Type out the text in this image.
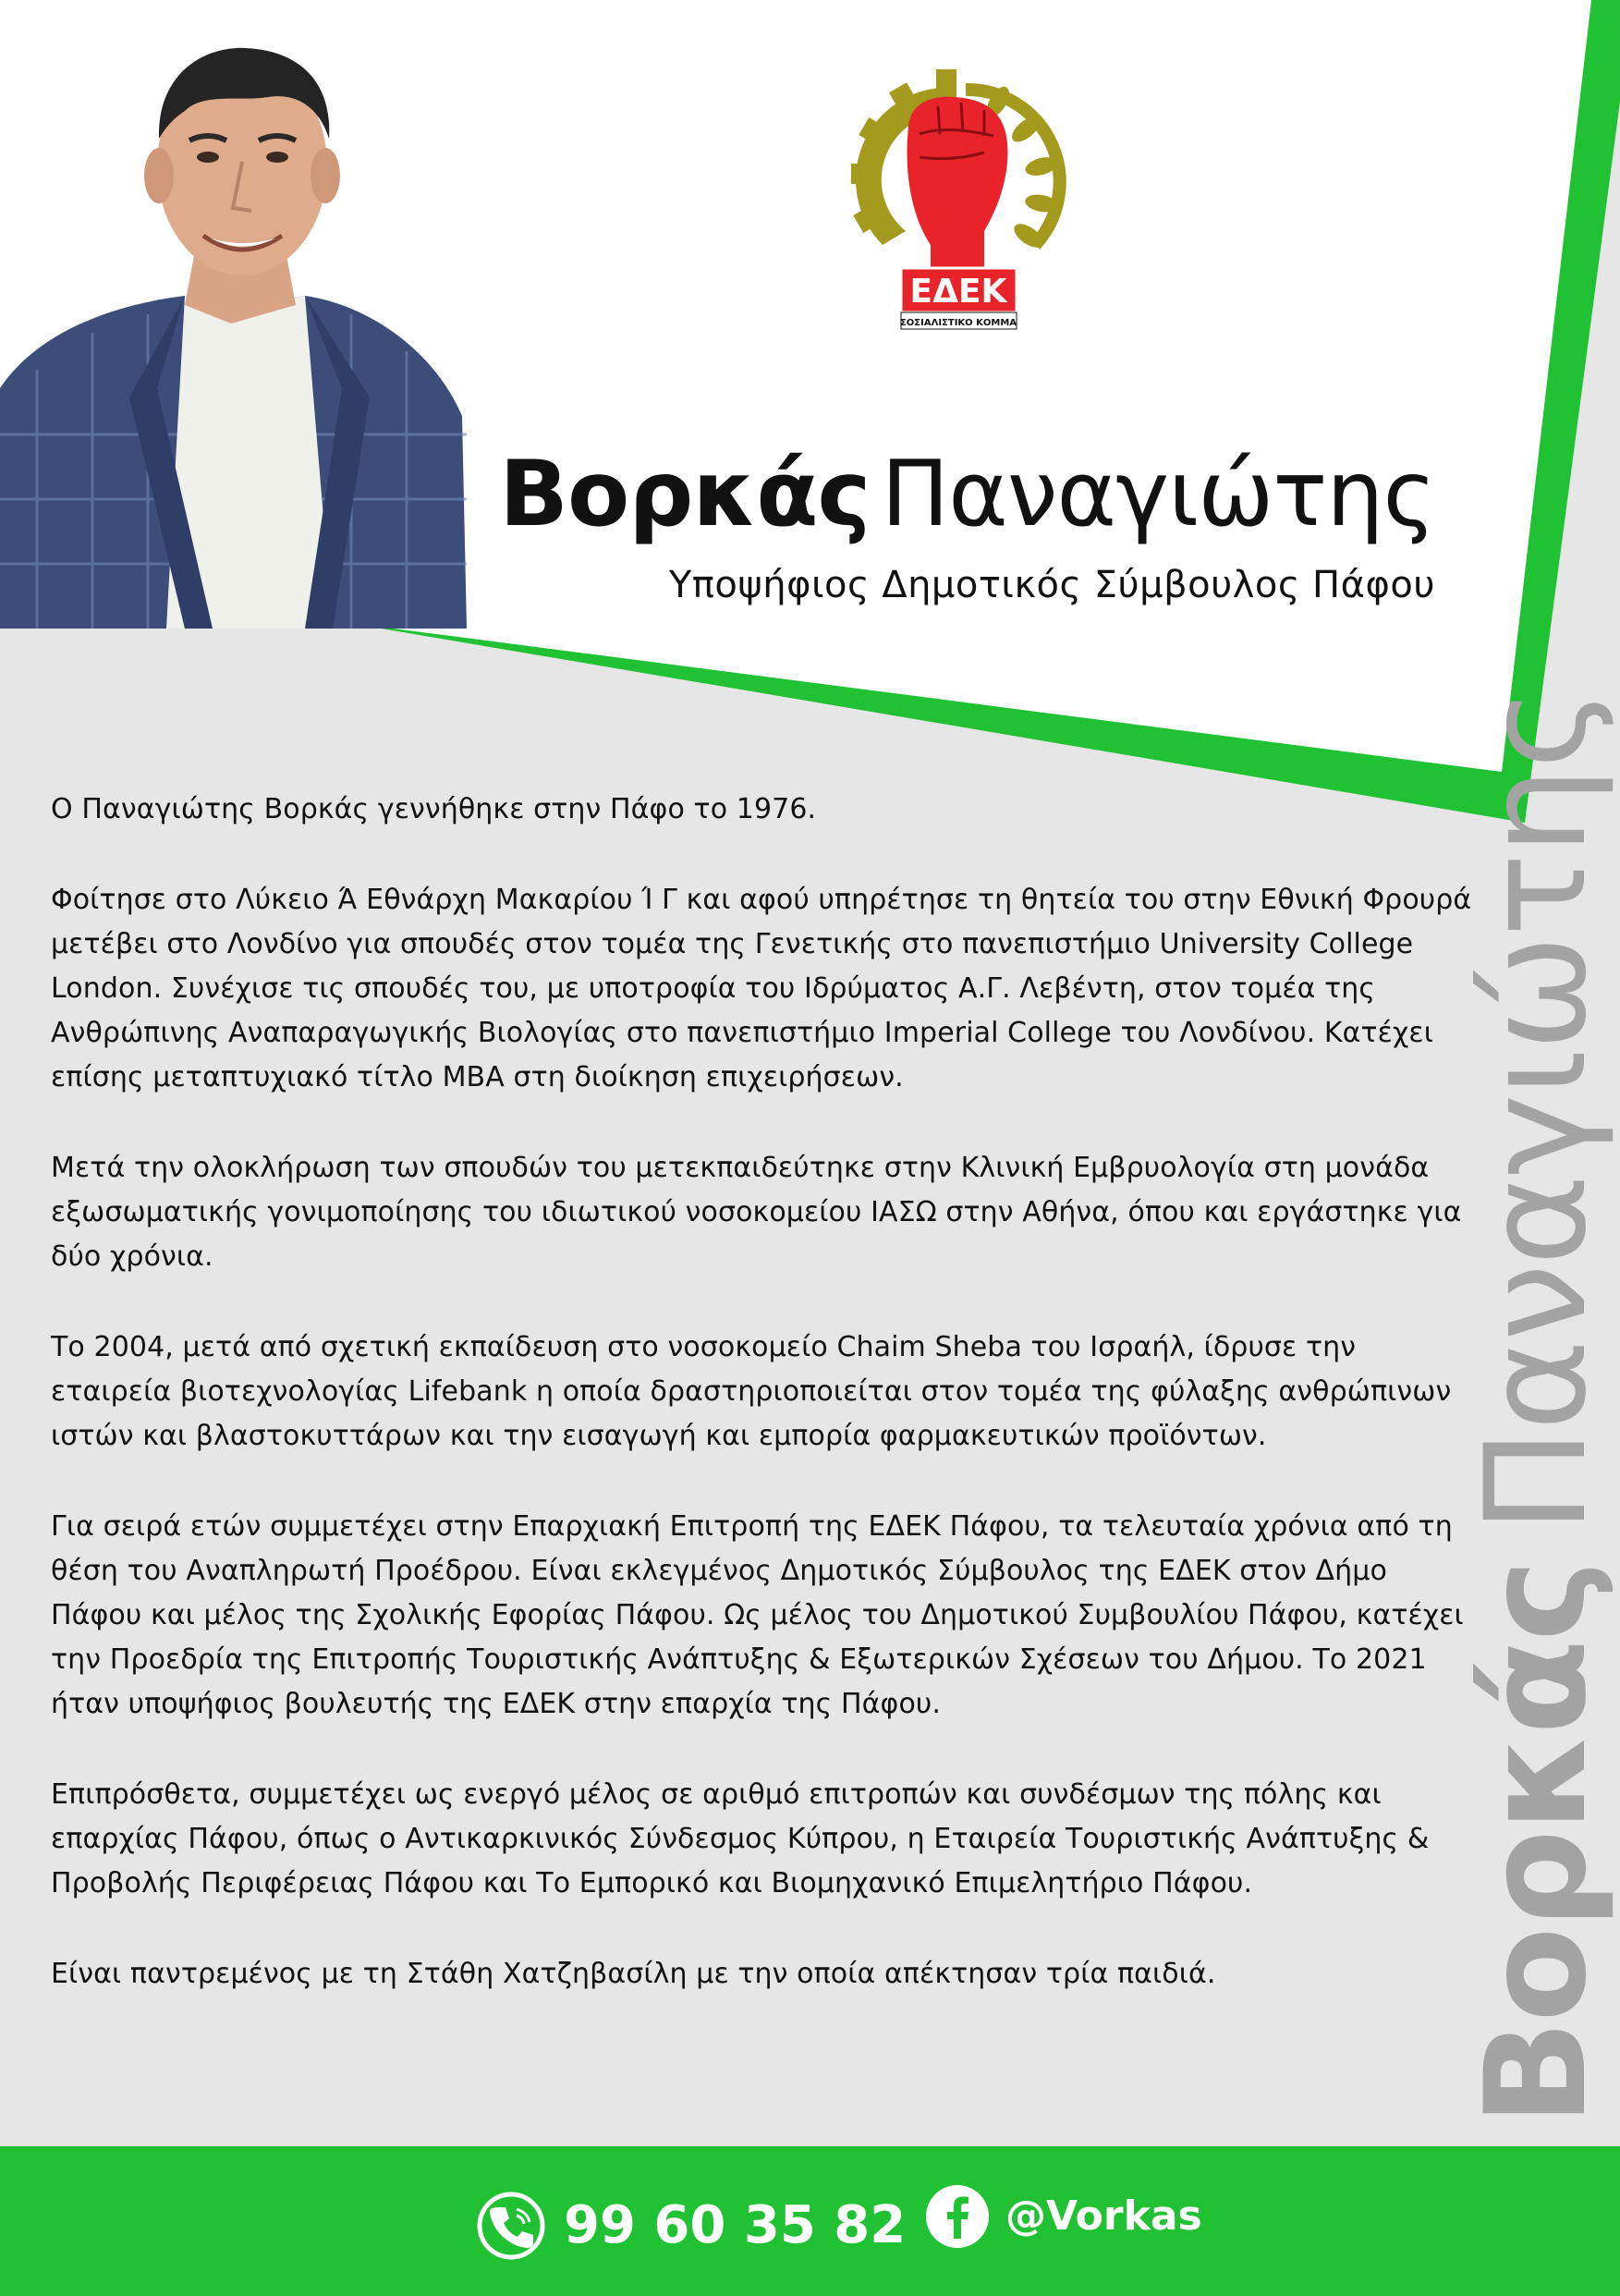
ΕΔΕΚ
ΣΟΣΙΑΛΙΣΤΙΚΟ ΚΟΜΜΑ
Βορκάς Παναγιώτης
Υποψήφιος Δημοτικός Σύμβουλος Πάφου

Ο Παναγιώτης Βορκάς γεννήθηκε στην Πάφο το 1976.

Φοίτησε στο Λύκειο Ά Εθνάρχη Μακαρίου Ί Γ και αφού υπηρέτησε τη θητεία του στην Εθνική Φρουρά μετέβει στο Λονδίνο για σπουδές στον τομέα της Γενετικής στο πανεπιστήμιο University College London. Συνέχισε τις σπουδές του, με υποτροφία του Ιδρύματος Α.Γ. Λεβέντη, στον τομέα της Ανθρώπινης Αναπαραγωγικής Βιολογίας στο πανεπιστήμιο Imperial College του Λονδίνου. Κατέχει επίσης μεταπτυχιακό τίτλο ΜΒΑ στη διοίκηση επιχειρήσεων.

Μετά την ολοκλήρωση των σπουδών του μετεκπαιδεύτηκε στην Κλινική Εμβρυολογία στη μονάδα εξωσωματικής γονιμοποίησης του ιδιωτικού νοσοκομείου ΙΑΣΩ στην Αθήνα, όπου και εργάστηκε για δύο χρόνια.

Το 2004, μετά από σχετική εκπαίδευση στο νοσοκομείο Chaim Sheba του Ισραήλ, ίδρυσε την εταιρεία βιοτεχνολογίας Lifebank η οποία δραστηριοποιείται στον τομέα της φύλαξης ανθρώπινων ιστών και βλαστοκυττάρων και την εισαγωγή και εμπορία φαρμακευτικών προϊόντων.

Για σειρά ετών συμμετέχει στην Επαρχιακή Επιτροπή της ΕΔΕΚ Πάφου, τα τελευταία χρόνια από τη θέση του Αναπληρωτή Προέδρου. Είναι εκλεγμένος Δημοτικός Σύμβουλος της ΕΔΕΚ στον Δήμο Πάφου και μέλος της Σχολικής Εφορίας Πάφου. Ως μέλος του Δημοτικού Συμβουλίου Πάφου, κατέχει την Προεδρία της Επιτροπής Τουριστικής Ανάπτυξης & Εξωτερικών Σχέσεων του Δήμου. Το 2021 ήταν υποψήφιος βουλευτής της ΕΔΕΚ στην επαρχία της Πάφου.

Επιπρόσθετα, συμμετέχει ως ενεργό μέλος σε αριθμό επιτροπών και συνδέσμων της πόλης και επαρχίας Πάφου, όπως ο Αντικαρκινικός Σύνδεσμος Κύπρου, η Εταιρεία Τουριστικής Ανάπτυξης & Προβολής Περιφέρειας Πάφου και Το Εμπορικό και Βιομηχανικό Επιμελητήριο Πάφου.

Είναι παντρεμένος με τη Στάθη Χατζηβασίλη με την οποία απέκτησαν τρία παιδιά.	ΒορκάςΠαναγιώτης
99 60 35 82 @Vorkas
